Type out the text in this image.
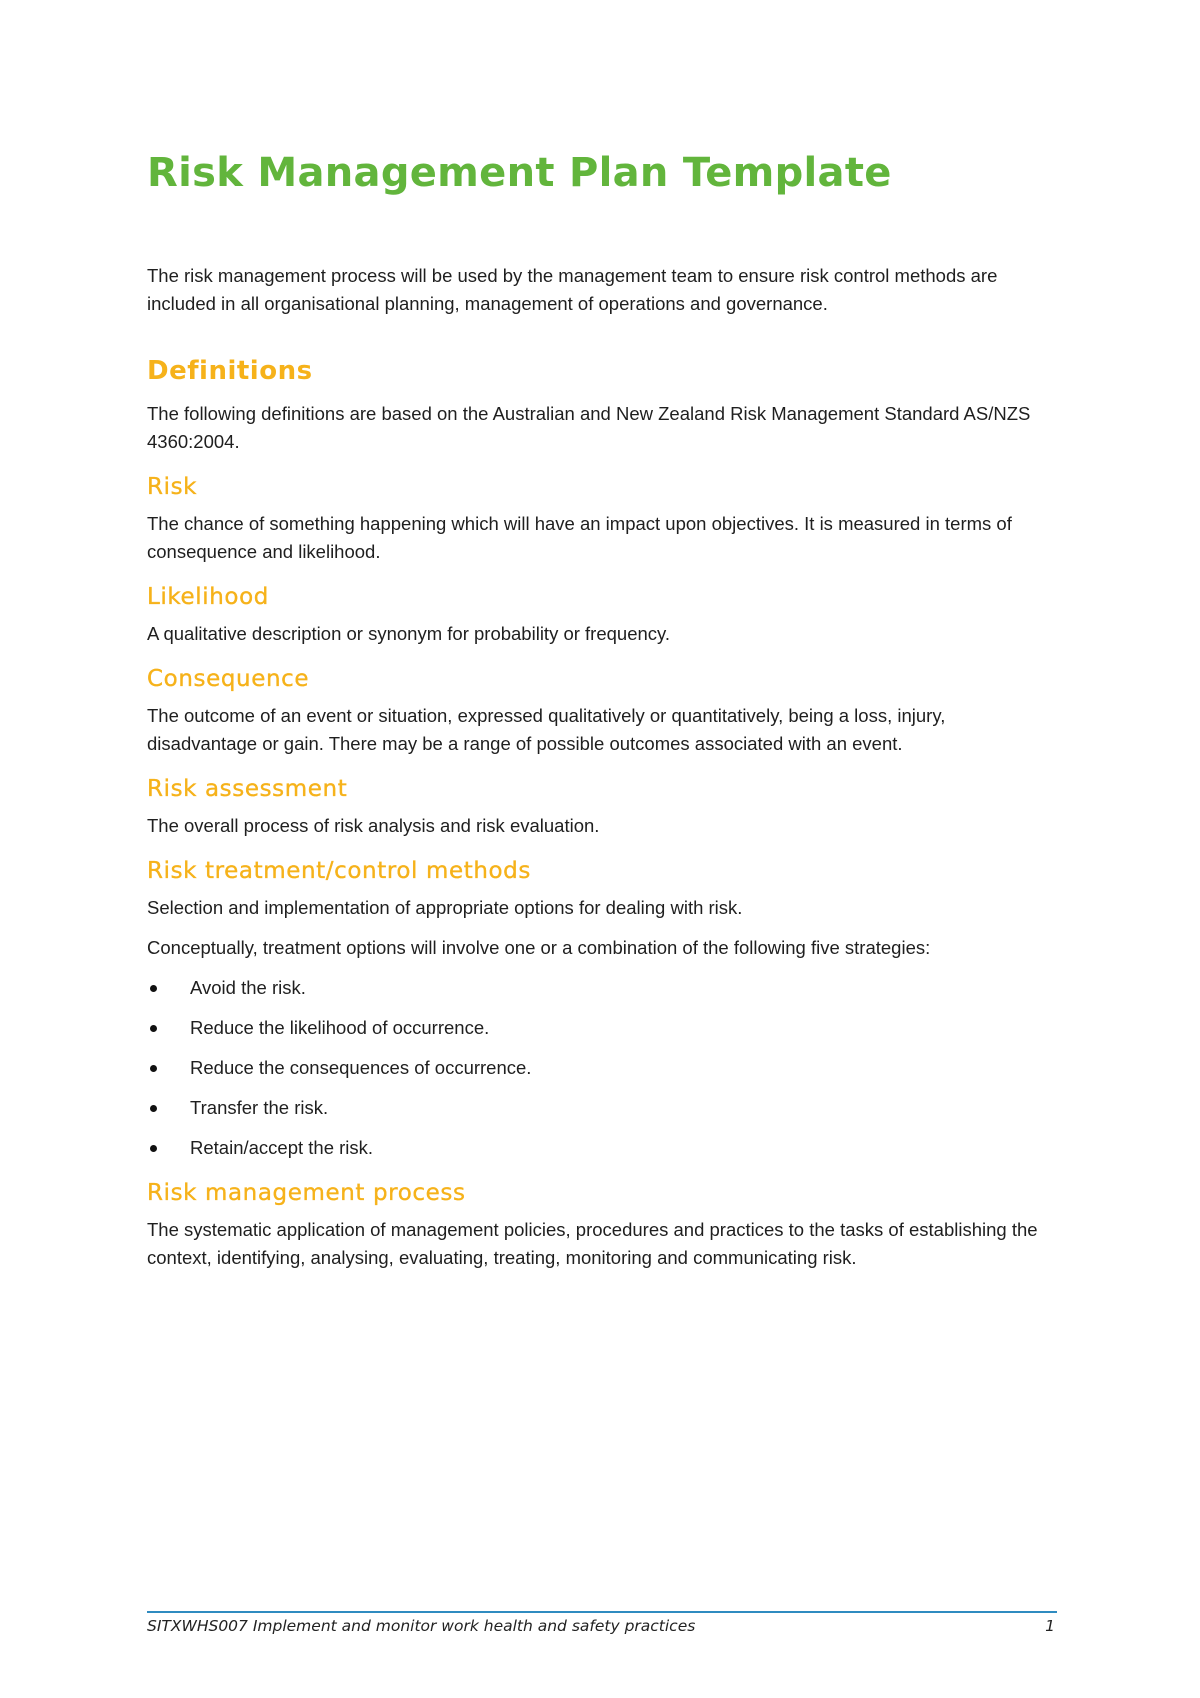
Risk Management Plan Template

The risk management process will be used by the management team to ensure risk control methods are included in all organisational planning, management of operations and governance.

Definitions

The following definitions are based on the Australian and New Zealand Risk Management Standard AS/NZS 4360:2004.

Risk

The chance of something happening which will have an impact upon objectives. It is measured in terms of consequence and likelihood.

Likelihood

A qualitative description or synonym for probability or frequency.

Consequence

The outcome of an event or situation, expressed qualitatively or quantitatively, being a loss, injury, disadvantage or gain. There may be a range of possible outcomes associated with an event.

Risk assessment

The overall process of risk analysis and risk evaluation.

Risk treatment/control methods

Selection and implementation of appropriate options for dealing with risk.

Conceptually, treatment options will involve one or a combination of the following five strategies:

Avoid the risk.
Reduce the likelihood of occurrence.
Reduce the consequences of occurrence.
Transfer the risk.
Retain/accept the risk.
Risk management process

The systematic application of management policies, procedures and practices to the tasks of establishing the context, identifying, analysing, evaluating, treating, monitoring and communicating risk.

SITXWHS007 Implement and monitor work health and safety practices	1
